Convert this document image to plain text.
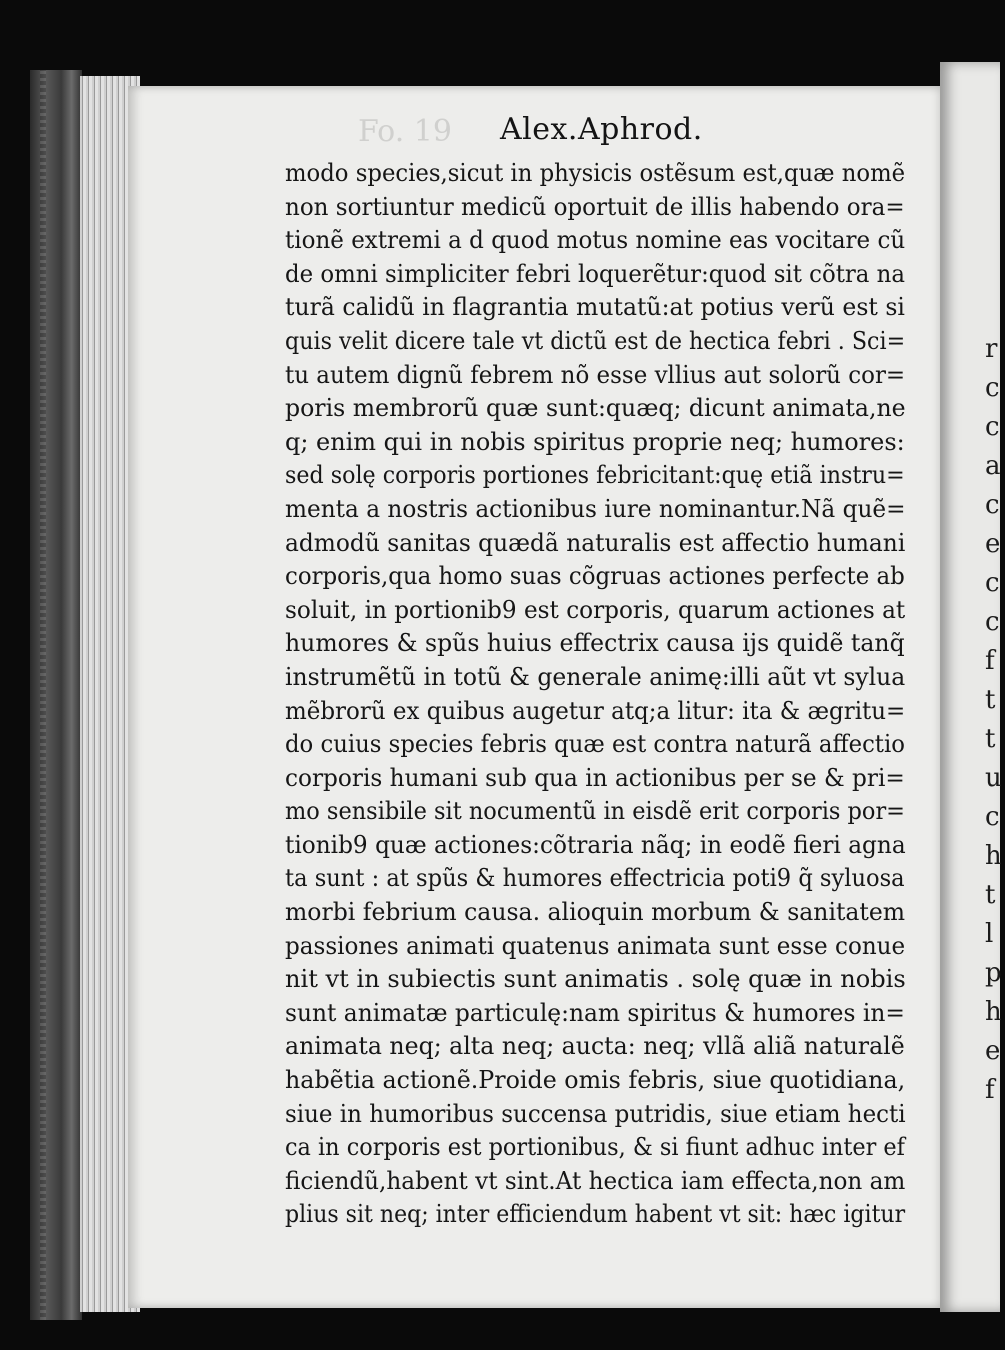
Fo. 19
r
c
c
a
c
e
c
c
f
t
t
u
c
h
t
l
p
h
e
f
Alex.Aphrod.
modo species,sicut in physicis ostẽsum est,quæ nomẽ
non sortiuntur medicũ oportuit de illis habendo ora=
tionẽ extremi a d quod motus nomine eas vocitare cũ
de omni simpliciter febri loquerẽtur:quod sit cõtra na
turã calidũ in flagrantia mutatũ:at potius verũ est si
quis velit dicere tale vt dictũ est de hectica febri . Sci=
tu autem dignũ febrem nõ esse vllius aut solorũ cor=
poris membrorũ quæ sunt:quæq; dicunt animata,ne
q; enim qui in nobis spiritus proprie neq; humores:
sed solę corporis portiones febricitant:quę etiã instru=
menta a nostris actionibus iure nominantur.Nã quẽ=
admodũ sanitas quædã naturalis est affectio humani
corporis,qua homo suas cõgruas actiones perfecte ab
soluit, in portionib9 est corporis, quarum actiones at
humores & spũs huius effectrix causa ijs quidẽ tanq̃
instrumẽtũ in totũ & generale animę:illi aũt vt sylua
mẽbrorũ ex quibus augetur atq;a litur: ita & ægritu=
do cuius species febris quæ est contra naturã affectio
corporis humani sub qua in actionibus per se & pri=
mo sensibile sit nocumentũ in eisdẽ erit corporis por=
tionib9 quæ actiones:cõtraria nãq; in eodẽ fieri agna
ta sunt : at spũs & humores effectricia poti9 q̃ syluosa
morbi febrium causa. alioquin morbum & sanitatem
passiones animati quatenus animata sunt esse conue
nit vt in subiectis sunt animatis . solę quæ in nobis
sunt animatæ particulę:nam spiritus & humores in=
animata neq; alta neq; aucta: neq; vllã aliã naturalẽ
habẽtia actionẽ.Proide omis febris, siue quotidiana,
siue in humoribus succensa putridis, siue etiam hecti
ca in corporis est portionibus, & si fiunt adhuc inter ef
ficiendũ,habent vt sint.At hectica iam effecta,non am
plius sit neq; inter efficiendum habent vt sit: hæc igitur
